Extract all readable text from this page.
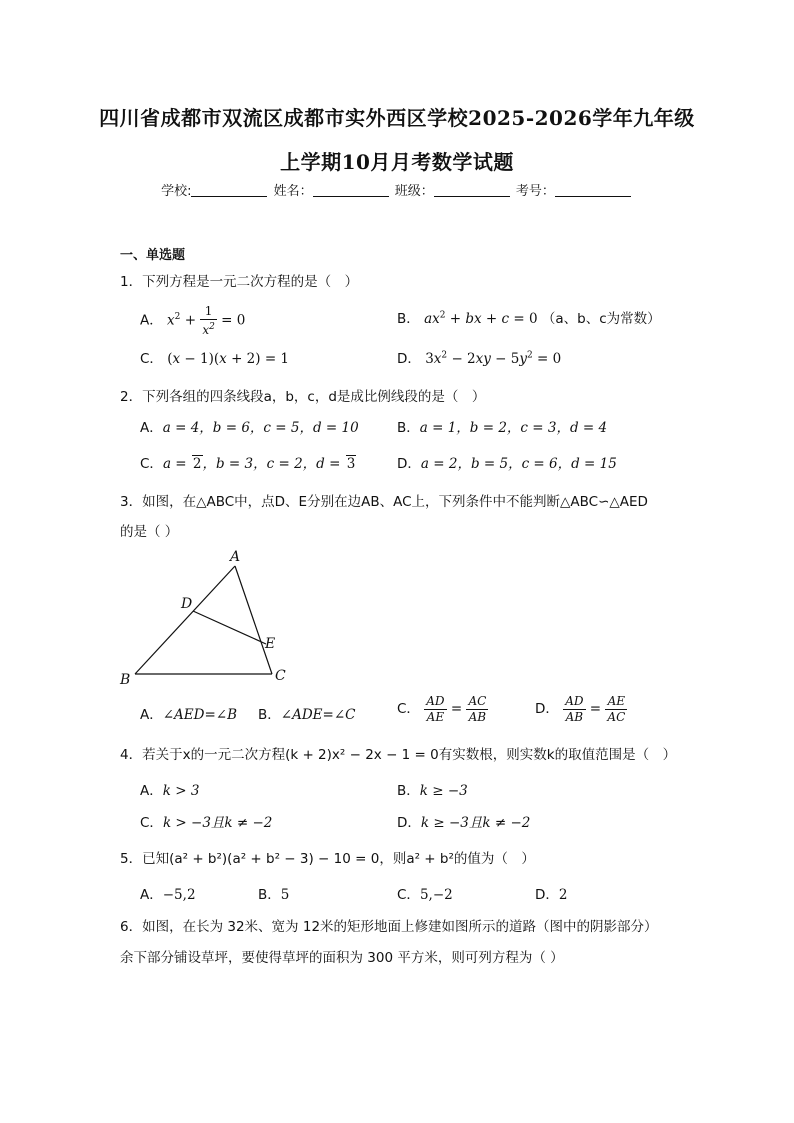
四川省成都市双流区成都市实外西区学校2025-2026学年九年级上学期10月月考数学试题
学校:	姓名：	班级：	考号：
一、单选题
1．下列方程是一元二次方程的是（　）
A． $x^2 + \frac{1}{x^2} = 0$	B． $ax^2$ + bx + c = 0 （a、b、c为常数）
C． (x − 1)(x + 2) = 1	D． $3x^2 - 2xy - 5y^2 = 0$
2．下列各组的四条线段a，b，c，d是成比例线段的是（　）
A．a = 4，b = 6，c = 5，d = 10	B．a = 1，b = 2，c = 3，d = 4
C．a = 2，b = 3，c = 2，d = 3	D．a = 2，b = 5，c = 6，d = 15
3．如图，在△ABC中，点D、E分别在边AB、AC上，下列条件中不能判断△ABC∽△AED
的是（ ）
A
B	C
D
E
A．∠AED=∠B B．∠ADE=∠C	C． $\frac{AD}{AE} = \frac{AC}{AB}$	D． $\frac{AD}{AB} = \frac{AE}{AC}$
4．若关于x的一元二次方程(k + 2)x² − 2x − 1 = 0有实数根，则实数k的取值范围是（　）
A．k > 3	B．k ≥ −3
C．k > −3且k ≠ −2	D．k ≥ −3且k ≠ −2
5．已知(a² + b²)(a² + b² − 3) − 10 = 0，则a² + b²的值为（　）
A．−5,2	B．5	C．5,−2	D．2
6．如图，在长为 32米、宽为 12米的矩形地面上修建如图所示的道路（图中的阴影部分）
余下部分铺设草坪，要使得草坪的面积为 300 平方米，则可列方程为（ ）
